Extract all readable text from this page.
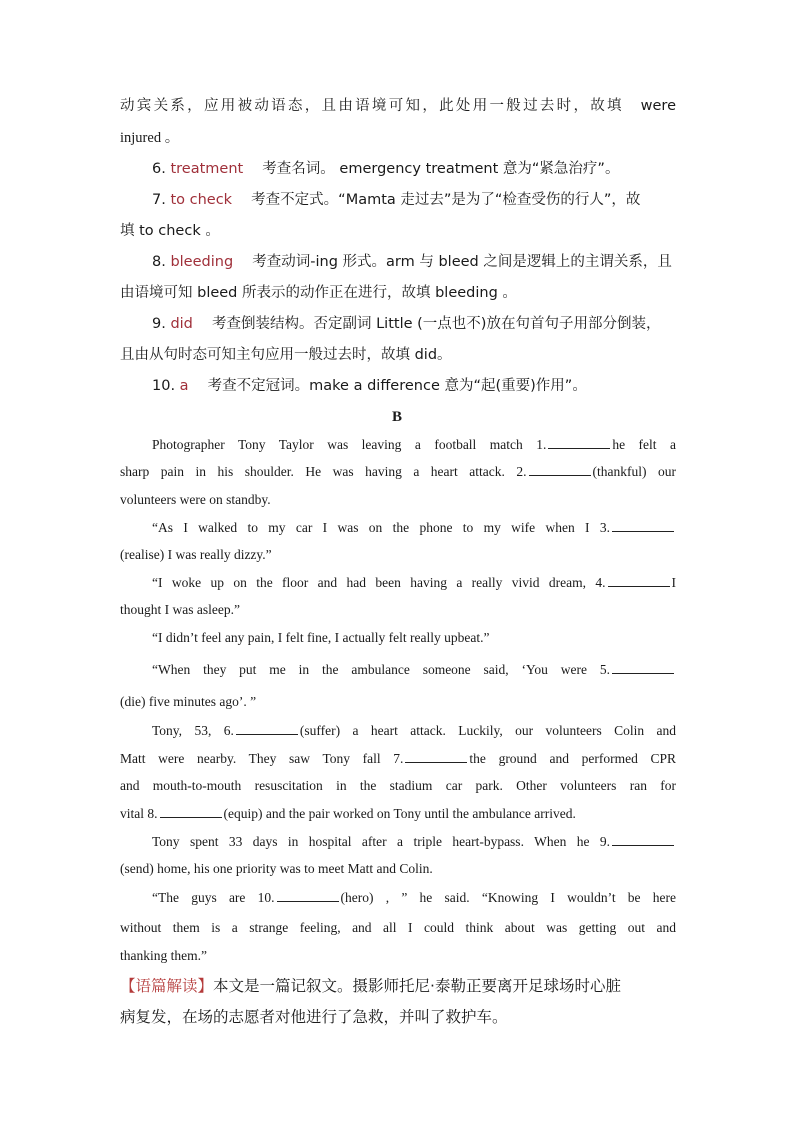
动宾关系，应用被动语态，且由语境可知，此处用一般过去时，故填　were
injured 。
6. treatment 　考查名词。 emergency treatment 意为“紧急治疗”。
7. to check 　考查不定式。“Mamta 走过去”是为了“检查受伤的行人”，故
填 to check 。
8. bleeding 　考查动词-ing 形式。arm 与 bleed 之间是逻辑上的主谓关系，且
由语境可知 bleed 所表示的动作正在进行，故填 bleeding 。
9. did 　考查倒装结构。否定副词 Little (一点也不)放在句首句子用部分倒装，
且由从句时态可知主句应用一般过去时，故填 did。
10. a 　考查不定冠词。make a difference 意为“起(重要)作用”。
B
Photographer Tony Taylor was leaving a football match 1.	he felt a
sharp pain in his shoulder. He was having a heart attack. 2.	(thankful) our
volunteers were on standby.
“As I walked to my car I was on the phone to my wife when I 3.
(realise) I was really dizzy.”
“I woke up on the floor and had been having a really vivid dream, 4.	I
thought I was asleep.”
“I didn’t feel any pain, I felt fine, I actually felt really upbeat.”
“When they put me in the ambulance someone said, ‘You were 5.
(die) five minutes ago’. ”
Tony, 53, 6.	(suffer) a heart attack. Luckily, our volunteers Colin and
Matt were nearby. They saw Tony fall 7.	the ground and performed CPR
and mouth-to-mouth resuscitation in the stadium car park. Other volunteers ran for
vital 8.	(equip) and the pair worked on Tony until the ambulance arrived.
Tony spent 33 days in hospital after a triple heart-bypass. When he 9.
(send) home, his one priority was to meet Matt and Colin.
“The guys are 10.	(hero) , ” he said. “Knowing I wouldn’t be here
without them is a strange feeling, and all I could think about was getting out and
thanking them.”
【语篇解读】本文是一篇记叙文。摄影师托尼·泰勒正要离开足球场时心脏
病复发，在场的志愿者对他进行了急救，并叫了救护车。
